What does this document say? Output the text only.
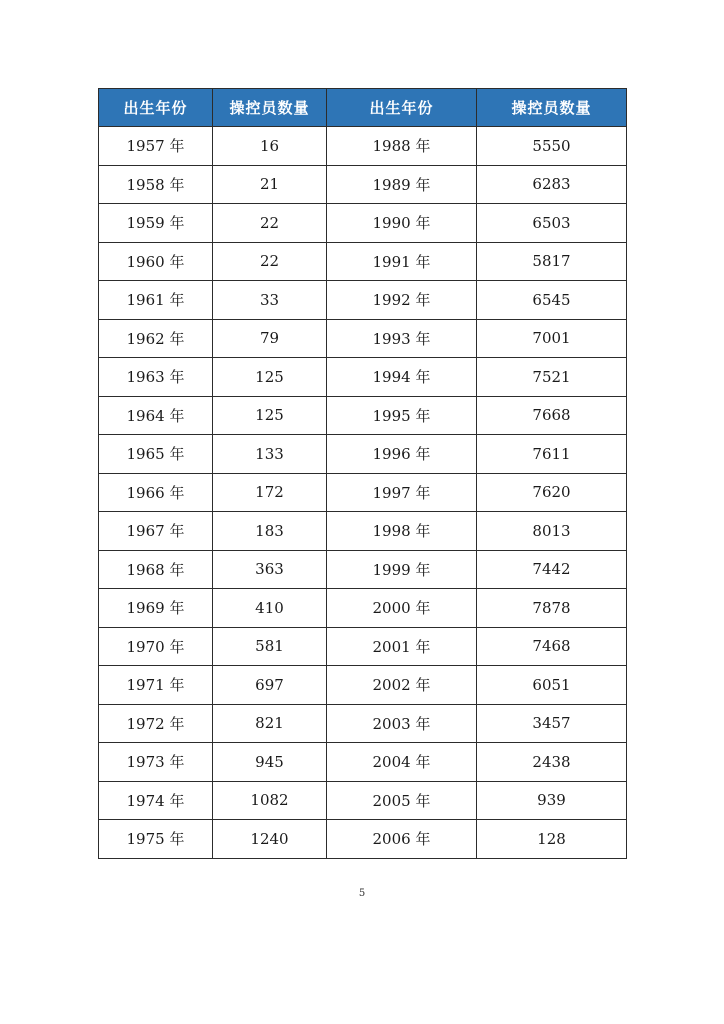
出生年份	操控员数量	出生年份	操控员数量
1957 年	16	1988 年	5550
1958 年	21	1989 年	6283
1959 年	22	1990 年	6503
1960 年	22	1991 年	5817
1961 年	33	1992 年	6545
1962 年	79	1993 年	7001
1963 年	125	1994 年	7521
1964 年	125	1995 年	7668
1965 年	133	1996 年	7611
1966 年	172	1997 年	7620
1967 年	183	1998 年	8013
1968 年	363	1999 年	7442
1969 年	410	2000 年	7878
1970 年	581	2001 年	7468
1971 年	697	2002 年	6051
1972 年	821	2003 年	3457
1973 年	945	2004 年	2438
1974 年	1082	2005 年	939
1975 年	1240	2006 年	128
5
